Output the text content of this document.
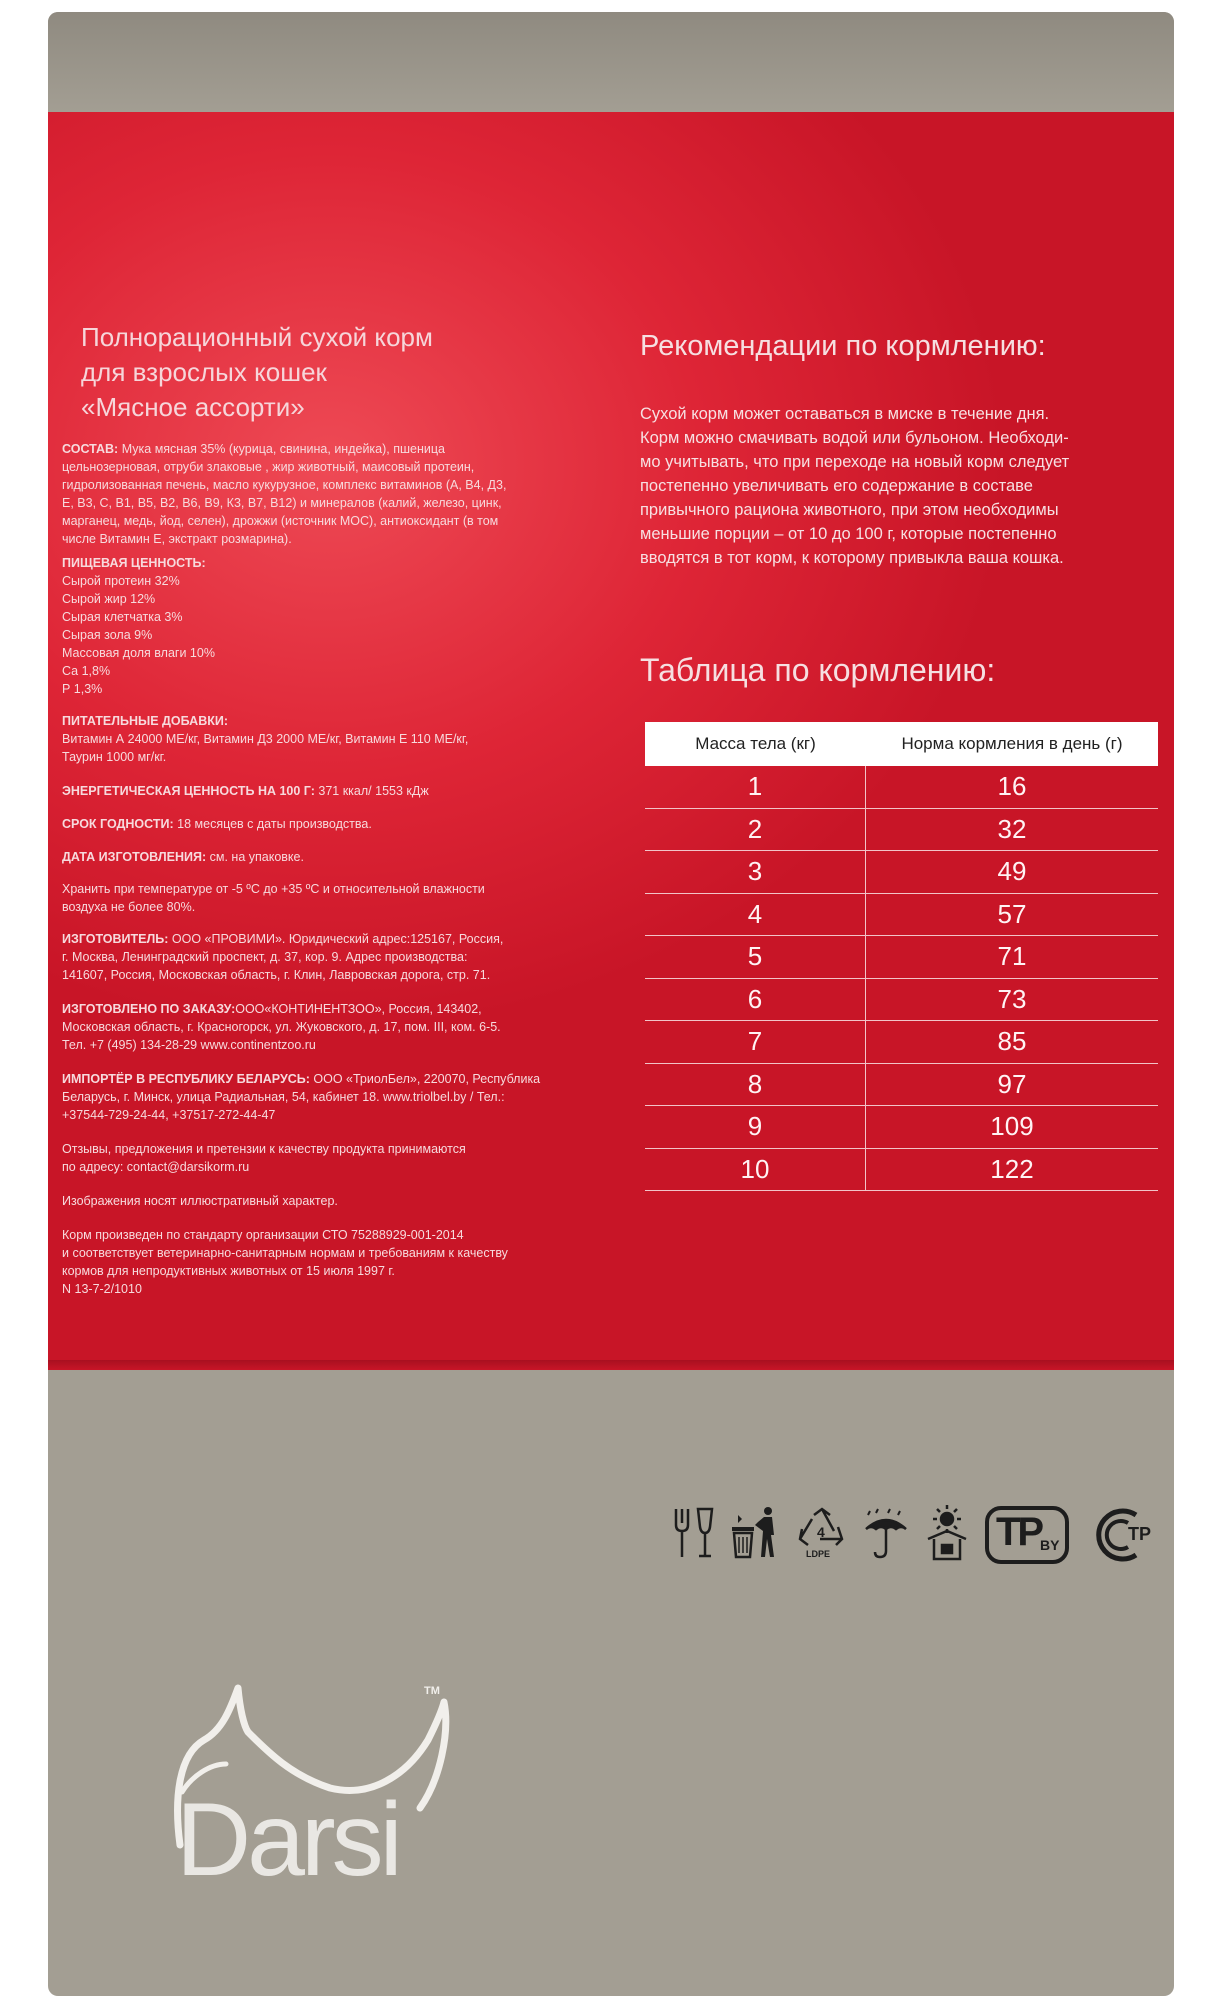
Полнорационный сухой корм
для взрослых кошек
«Мясное ассорти»
СОСТАВ: Мука мясная 35% (курица, свинина, индейка), пшеница
цельнозерновая, отруби злаковые , жир животный, маисовый протеин,
гидролизованная печень, масло кукурузное, комплекс витаминов (А, В4, Д3,
Е, В3, С, В1, В5, В2, В6, В9, К3, В7, В12) и минералов (калий, железо, цинк,
марганец, медь, йод, селен), дрожжи (источник МОС), антиоксидант (в том
числе Витамин Е, экстракт розмарина).
ПИЩЕВАЯ ЦЕННОСТЬ:
Сырой протеин 32%
Сырой жир 12%
Сырая клетчатка 3%
Сырая зола 9%
Массовая доля влаги 10%
Са 1,8%
Р 1,3%
ПИТАТЕЛЬНЫЕ ДОБАВКИ:
Витамин А 24000 МЕ/кг, Витамин Д3 2000 МЕ/кг, Витамин Е 110 МЕ/кг,
Таурин 1000 мг/кг.
ЭНЕРГЕТИЧЕСКАЯ ЦЕННОСТЬ НА 100 Г: 371 ккал/ 1553 кДж
СРОК ГОДНОСТИ: 18 месяцев с даты производства.
ДАТА ИЗГОТОВЛЕНИЯ: см. на упаковке.
Хранить при температуре от -5 ºС до +35 ºС и относительной влажности
воздуха не более 80%.
ИЗГОТОВИТЕЛЬ: ООО «ПРОВИМИ». Юридический адрес:125167, Россия,
г. Москва, Ленинградский проспект, д. 37, кор. 9. Адрес производства:
141607, Россия, Московская область, г. Клин, Лавровская дорога, стр. 71.
ИЗГОТОВЛЕНО ПО ЗАКАЗУ:ООО«КОНТИНЕНТЗОО», Россия, 143402,
Московская область, г. Красногорск, ул. Жуковского, д. 17, пом. III, ком. 6-5.
Тел. +7 (495) 134-28-29 www.continentzoo.ru
ИМПОРТЁР В РЕСПУБЛИКУ БЕЛАРУСЬ: ООО «ТриолБел», 220070, Республика
Беларусь, г. Минск, улица Радиальная, 54, кабинет 18. www.triolbel.by / Тел.:
+37544-729-24-44, +37517-272-44-47
Отзывы, предложения и претензии к качеству продукта принимаются
по адресу: contact@darsikorm.ru
Изображения носят иллюстративный характер.
Корм произведен по стандарту организации СТО 75288929-001-2014
и соответствует ветеринарно-санитарным нормам и требованиям к качеству
кормов для непродуктивных животных от 15 июля 1997 г.
N 13-7-2/1010
Рекомендации по кормлению:
Сухой корм может оставаться в миске в течение дня.
Корм можно смачивать водой или бульоном. Необходи-
мо учитывать, что при переходе на новый корм следует
постепенно увеличивать его содержание в составе
привычного рациона животного, при этом необходимы
меньшие порции – от 10 до 100 г, которые постепенно
вводятся в тот корм, к которому привыкла ваша кошка.
Таблица по кормлению:
Масса тела (кг)	Норма кормления в день (г)
1	16
2	32
3	49
4	57
5	71
6	73
7	85
8	97
9	109
10	122
4
LDPE	TP
BY
ТР
TM
Darsi
